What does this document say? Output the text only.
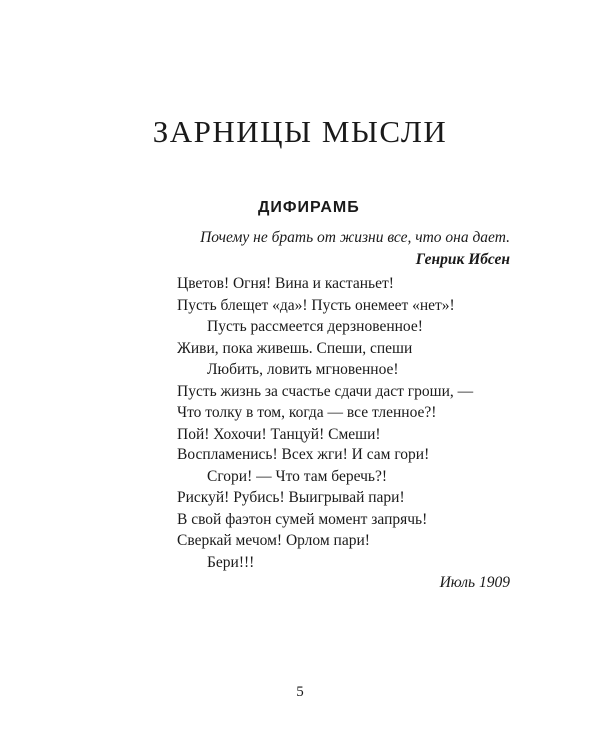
ЗАРНИЦЫ МЫСЛИ
ДИФИРАМБ
Почему не брать от жизни все, что она дает.
Генрик Ибсен
Цветов! Огня! Вина и кастаньет!
Пусть блещет «да»! Пусть онемеет «нет»!
Пусть рассмеется дерзновенное!
Живи, пока живешь. Спеши, спеши
Любить, ловить мгновенное!
Пусть жизнь за счастье сдачи даст гроши, —
Что толку в том, когда — все тленное?!
Пой! Хохочи! Танцуй! Смеши!
Воспламенись! Всех жги! И сам гори!
Сгори! — Что там беречь?!
Рискуй! Рубись! Выигрывай пари!
В свой фаэтон сумей момент запрячь!
Сверкай мечом! Орлом пари!
Бери!!!
Июль 1909
5
